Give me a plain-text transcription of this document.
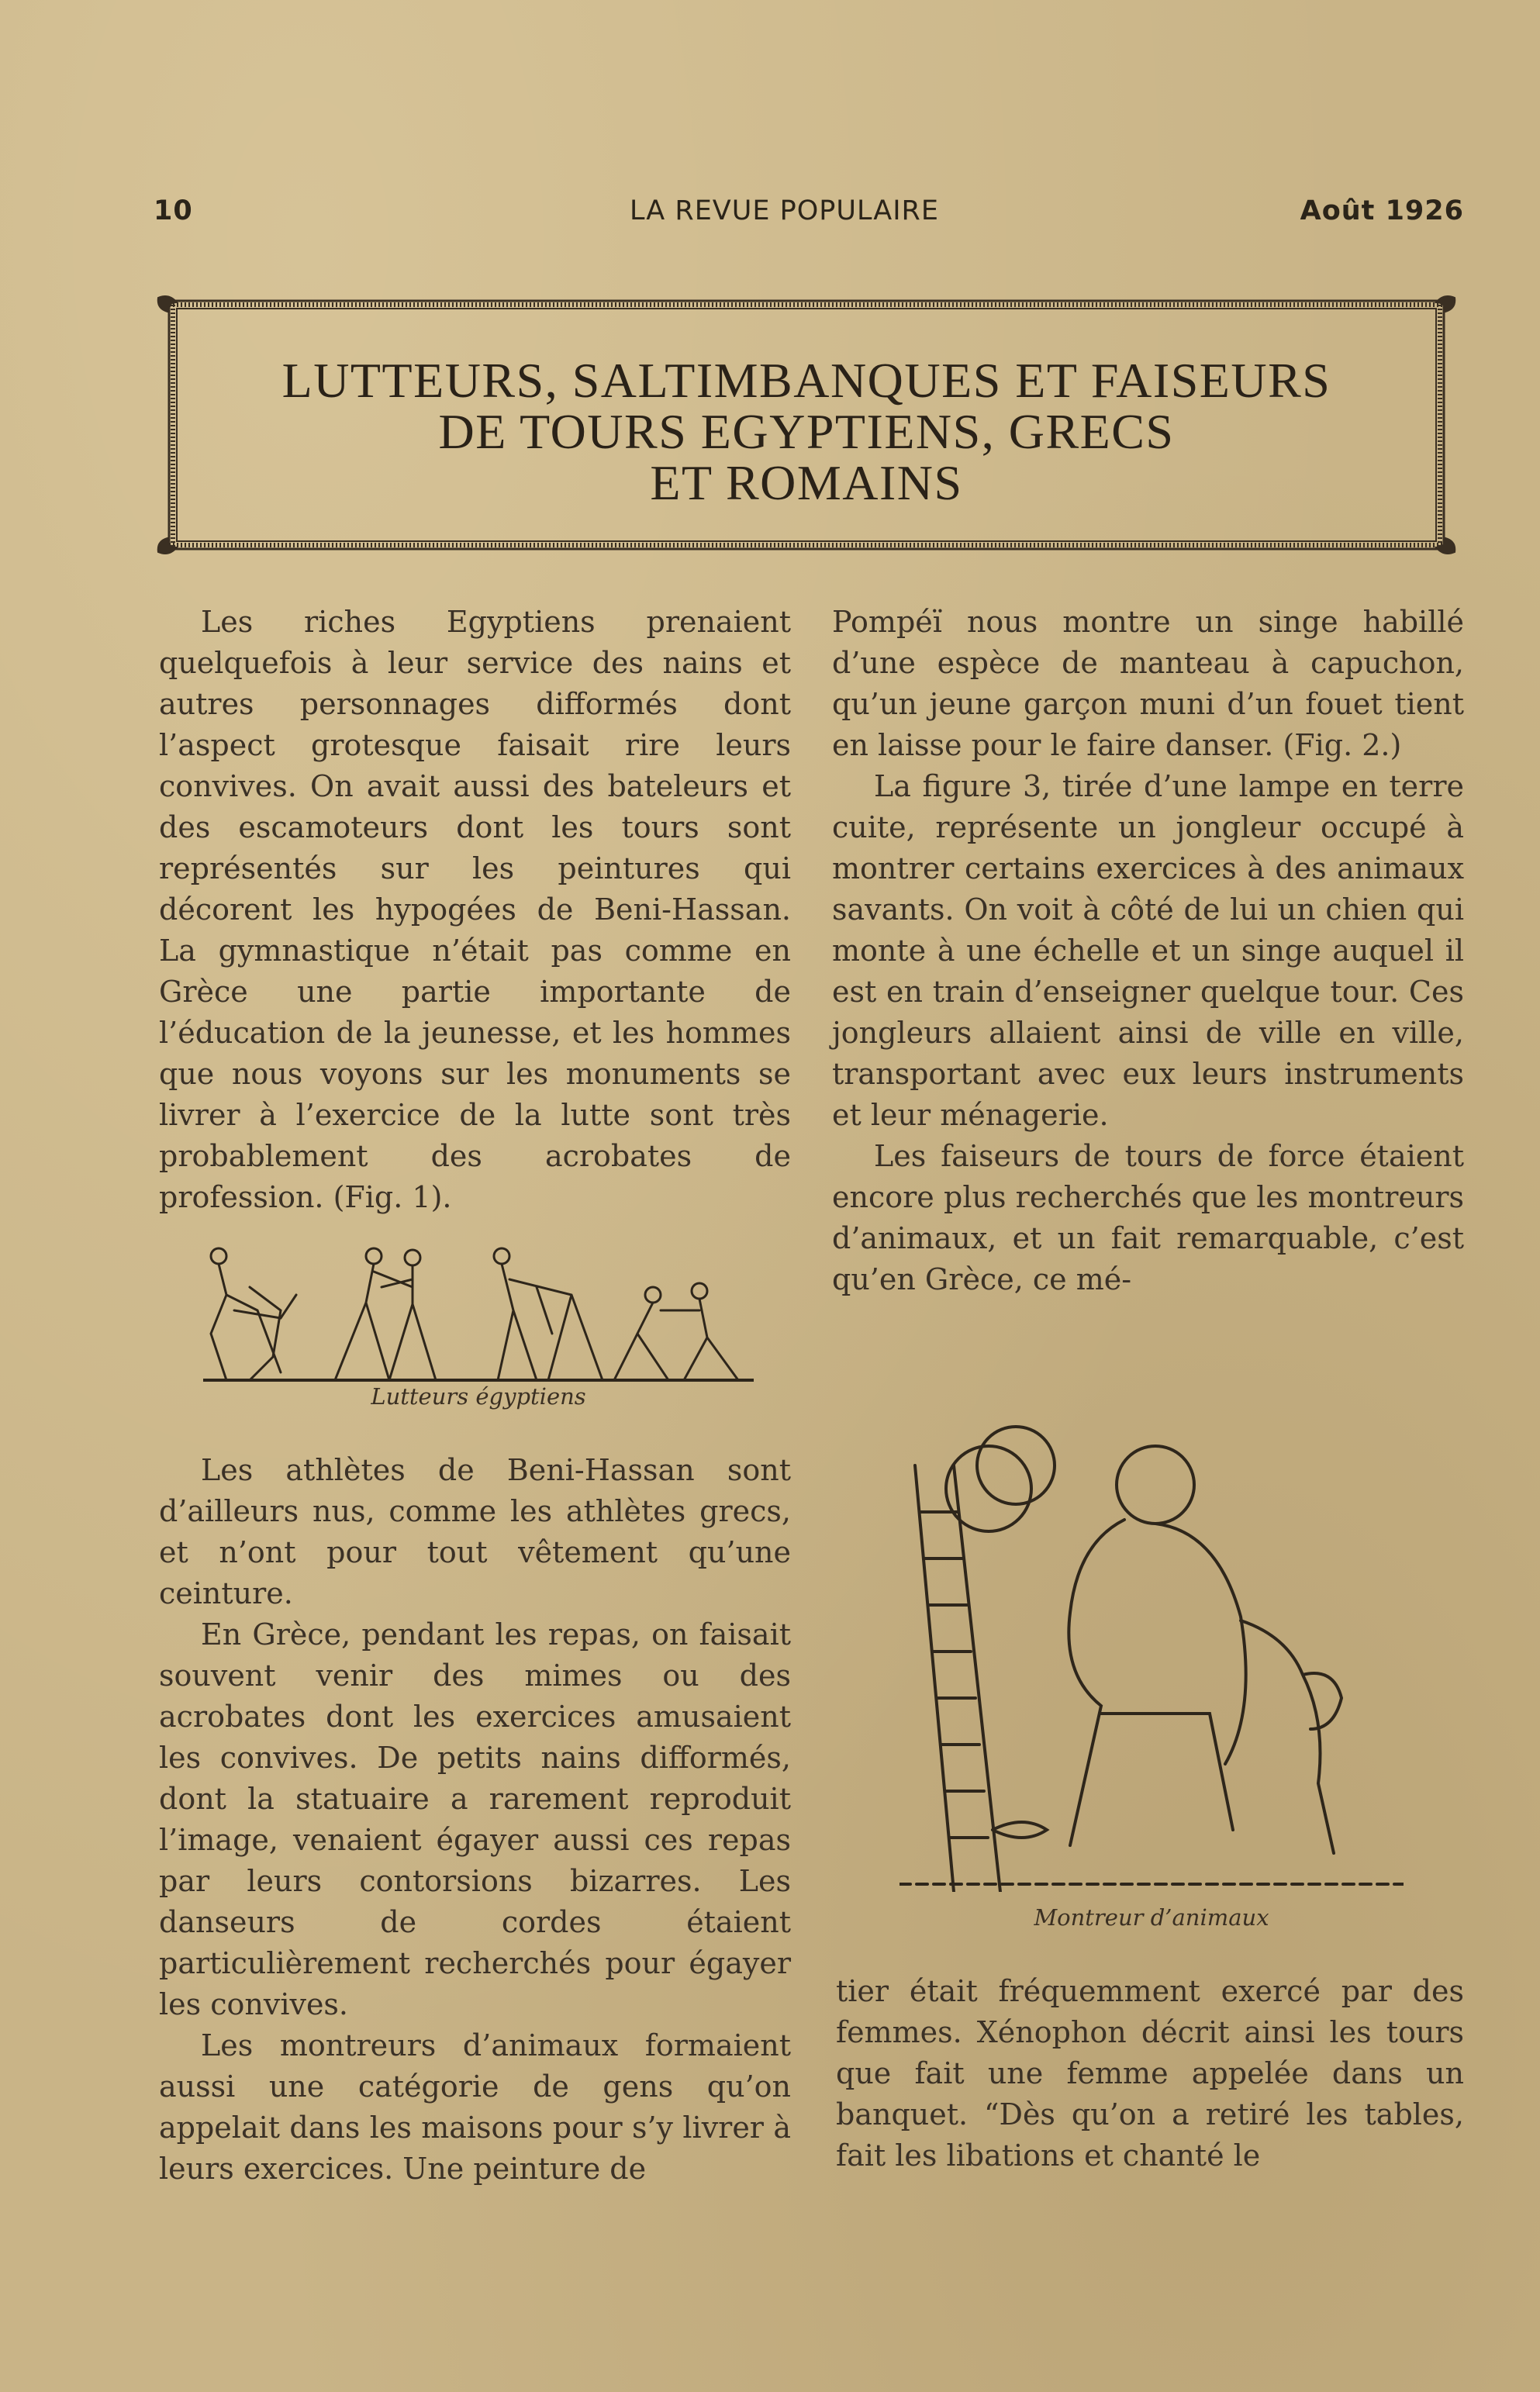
10	LA REVUE POPULAIRE	Août 1926
LUTTEURS, SALTIMBANQUES ET FAISEURS
DE TOURS EGYPTIENS, GRECS
ET ROMAINS

Les riches Egyptiens prenaient quelquefois à leur service des nains et autres personnages difformés dont l’aspect grotesque faisait rire leurs convives. On avait aussi des bateleurs et des escamoteurs dont les tours sont représentés sur les peintures qui décorent les hypogées de Beni-Hassan. La gymnastique n’était pas comme en Grèce une partie importante de l’éducation de la jeunesse, et les hommes que nous voyons sur les monuments se livrer à l’exercice de la lutte sont très probablement des acrobates de profession. (Fig. 1).

Lutteurs égyptiens

Les athlètes de Beni-Hassan sont d’ailleurs nus, comme les athlètes grecs, et n’ont pour tout vêtement qu’une ceinture.

En Grèce, pendant les repas, on faisait souvent venir des mimes ou des acrobates dont les exercices amusaient les convives. De petits nains difformés, dont la statuaire a rarement reproduit l’image, venaient égayer aussi ces repas par leurs contorsions bizarres. Les danseurs de cordes étaient particulièrement recherchés pour égayer les convives.

Les montreurs d’animaux formaient aussi une catégorie de gens qu’on appelait dans les maisons pour s’y livrer à leurs exercices. Une peinture de

Pompéï nous montre un singe habillé d’une espèce de manteau à capuchon, qu’un jeune garçon muni d’un fouet tient en laisse pour le faire danser. (Fig. 2.)

La figure 3, tirée d’une lampe en terre cuite, représente un jongleur occupé à montrer certains exercices à des animaux savants. On voit à côté de lui un chien qui monte à une échelle et un singe auquel il est en train d’enseigner quelque tour. Ces jongleurs allaient ainsi de ville en ville, transportant avec eux leurs instruments et leur ménagerie.

Les faiseurs de tours de force étaient encore plus recherchés que les montreurs d’animaux, et un fait remarquable, c’est qu’en Grèce, ce mé-

Montreur d’animaux

tier était fréquemment exercé par des femmes. Xénophon décrit ainsi les tours que fait une femme appelée dans un banquet. “Dès qu’on a retiré les tables, fait les libations et chanté le
